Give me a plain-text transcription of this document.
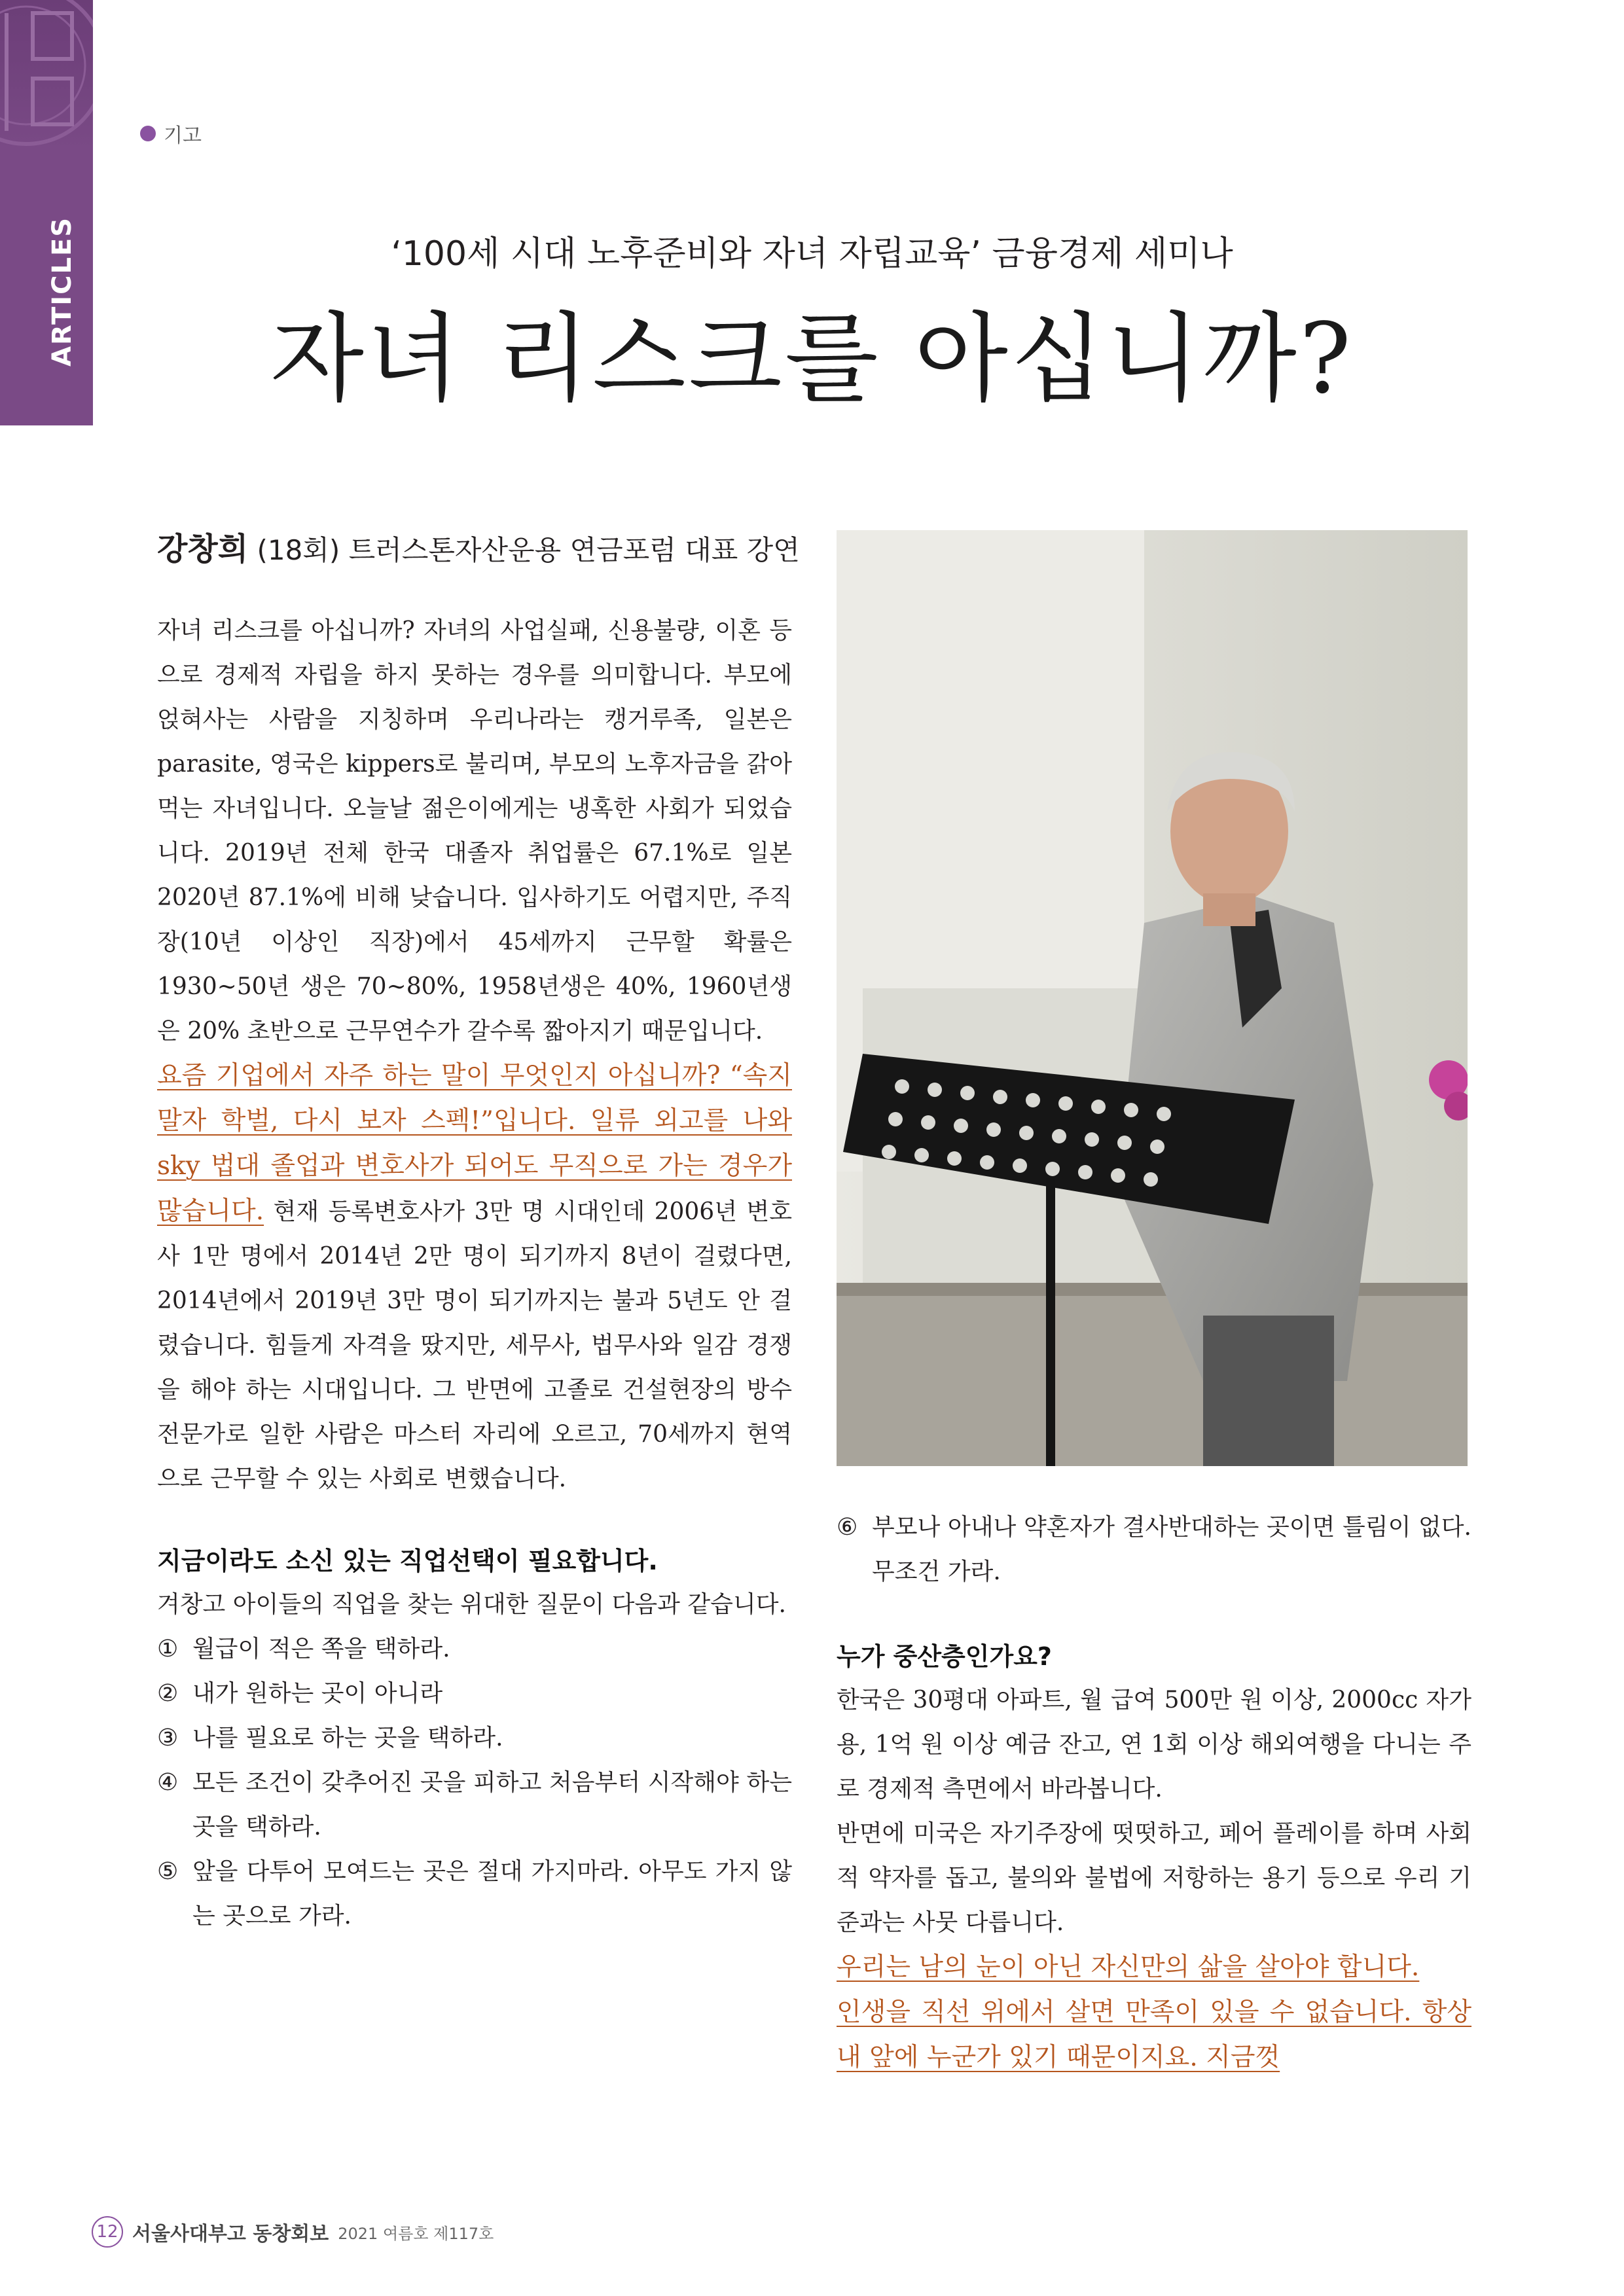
ARTICLES
기고
‘100세 시대 노후준비와 자녀 자립교육’ 금융경제 세미나
자녀 리스크를 아십니까?
강창희 (18회) 트러스톤자산운용 연금포럼 대표 강연

자녀 리스크를 아십니까? 자녀의 사업실패, 신용불량, 이혼 등으로 경제적 자립을 하지 못하는 경우를 의미합니다. 부모에 얹혀사는 사람을 지칭하며 우리나라는 캥거루족, 일본은 parasite, 영국은 kippers로 불리며, 부모의 노후자금을 갉아 먹는 자녀입니다. 오늘날 젊은이에게는 냉혹한 사회가 되었습니다. 2019년 전체 한국 대졸자 취업률은 67.1%로 일본 2020년 87.1%에 비해 낮습니다. 입사하기도 어렵지만, 주직장(10년 이상인 직장)에서 45세까지 근무할 확률은 1930~50년 생은 70~80%, 1958년생은 40%, 1960년생은 20% 초반으로 근무연수가 갈수록 짧아지기 때문입니다.

요즘 기업에서 자주 하는 말이 무엇인지 아십니까? “속지 말자 학벌, 다시 보자 스펙!”입니다. 일류 외고를 나와 sky 법대 졸업과 변호사가 되어도 무직으로 가는 경우가 많습니다. 현재 등록변호사가 3만 명 시대인데 2006년 변호사 1만 명에서 2014년 2만 명이 되기까지 8년이 걸렸다면, 2014년에서 2019년 3만 명이 되기까지는 불과 5년도 안 걸렸습니다. 힘들게 자격을 땄지만, 세무사, 법무사와 일감 경쟁을 해야 하는 시대입니다. 그 반면에 고졸로 건설현장의 방수전문가로 일한 사람은 마스터 자리에 오르고, 70세까지 현역으로 근무할 수 있는 사회로 변했습니다.

지금이라도 소신 있는 직업선택이 필요합니다.

겨창고 아이들의 직업을 찾는 위대한 질문이 다음과 같습니다.

① 월급이 적은 쪽을 택하라.
② 내가 원하는 곳이 아니라
③ 나를 필요로 하는 곳을 택하라.
④ 모든 조건이 갖추어진 곳을 피하고 처음부터 시작해야 하는 곳을 택하라.
⑤ 앞을 다투어 모여드는 곳은 절대 가지마라. 아무도 가지 않는 곳으로 가라.
⑥ 부모나 아내나 약혼자가 결사반대하는 곳이면 틀림이 없다. 무조건 가라.

누가 중산층인가요?

한국은 30평대 아파트, 월 급여 500만 원 이상, 2000cc 자가용, 1억 원 이상 예금 잔고, 연 1회 이상 해외여행을 다니는 주로 경제적 측면에서 바라봅니다.

반면에 미국은 자기주장에 떳떳하고, 페어 플레이를 하며 사회적 약자를 돕고, 불의와 불법에 저항하는 용기 등으로 우리 기준과는 사뭇 다릅니다.

우리는 남의 눈이 아닌 자신만의 삶을 살아야 합니다.

인생을 직선 위에서 살면 만족이 있을 수 없습니다. 항상 내 앞에 누군가 있기 때문이지요. 지금껏

12 서울사대부고 동창회보 2021 여름호 제117호
